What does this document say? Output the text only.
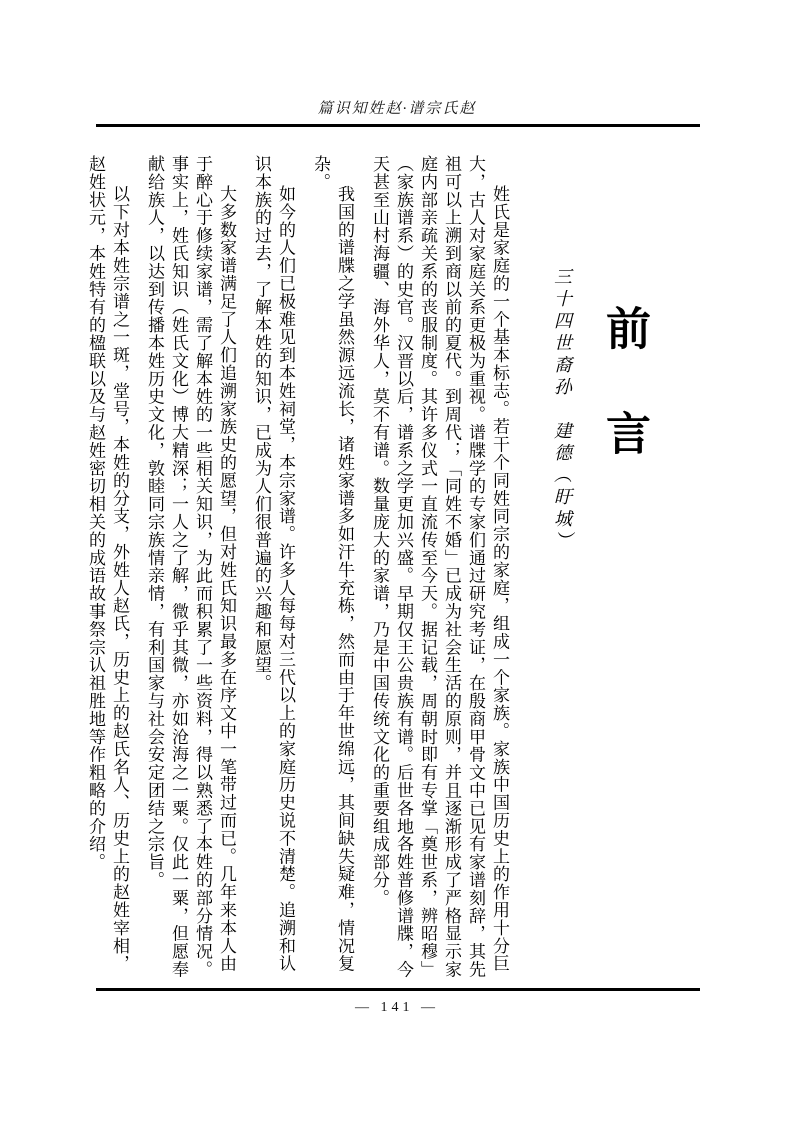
篇识知姓赵·谱宗氏赵
前言
三十四世裔孙　建德（盱城）

姓氏是家庭的一个基本标志。若干个同姓同宗的家庭，组成一个家族。家族中国历史上的作用十分巨大，古人对家庭关系更极为重视。谱牒学的专家们通过研究考证，在殷商甲骨文中已见有家谱刻辞，其先祖可以上溯到商以前的夏代。到周代；「同姓不婚」已成为社会生活的原则，并且逐渐形成了严格显示家庭内部亲疏关系的丧服制度。其许多仪式一直流传至今天。据记载，周朝时即有专掌「奠世系，辨昭穆」（家族谱系）的史官。汉晋以后，谱系之学更加兴盛。早期仅王公贵族有谱。后世各地各姓普修谱牒，今天甚至山村海疆、海外华人，莫不有谱。数量庞大的家谱，乃是中国传统文化的重要组成部分。

我国的谱牒之学虽然源远流长，诸姓家谱多如汗牛充栋，然而由于年世绵远，其间缺失疑难，情况复杂。

如今的人们已极难见到本姓祠堂，本宗家谱。许多人每每对三代以上的家庭历史说不清楚。追溯和认识本族的过去，了解本姓的知识，已成为人们很普遍的兴趣和愿望。

大多数家谱满足了人们追溯家族史的愿望，但对姓氏知识最多在序文中一笔带过而已。几年来本人由于醉心于修续家谱，需了解本姓的一些相关知识，为此而积累了一些资料，得以熟悉了本姓的部分情况。事实上，姓氏知识（姓氏文化）博大精深；一人之了解，微乎其微，亦如沧海之一粟。仅此一粟，但愿奉献给族人，以达到传播本姓历史文化，敦睦同宗族情亲情，有利国家与社会安定团结之宗旨。

以下对本姓宗谱之一斑，堂号，本姓的分支，外姓人赵氏，历史上的赵氏名人、历史上的赵姓宰相，赵姓状元，本姓特有的楹联以及与赵姓密切相关的成语故事祭宗认祖胜地等作粗略的介绍。

— 141 —
